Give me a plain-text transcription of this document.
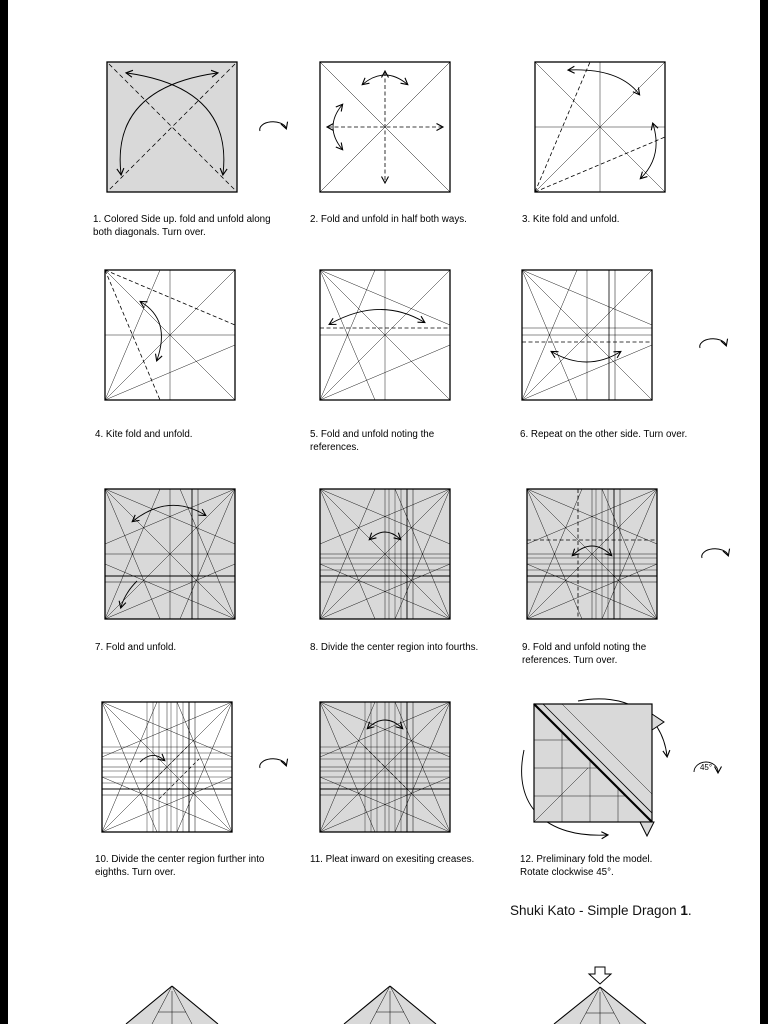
1. Colored Side up. fold and unfold along both diagonals. Turn over.
2. Fold and unfold in half both ways.	3. Kite fold and unfold.
4. Kite fold and unfold.	5. Fold and unfold noting the references.
6. Repeat on the other side. Turn over.
7. Fold and unfold.	8. Divide the center region into fourths.	9. Fold and unfold noting the references. Turn over.
45°
10. Divide the center region further into eighths. Turn over.
11. Pleat inward on exesiting creases.	12. Preliminary fold the model. Rotate clockwise 45°.
Shuki Kato - Simple Dragon 1.
